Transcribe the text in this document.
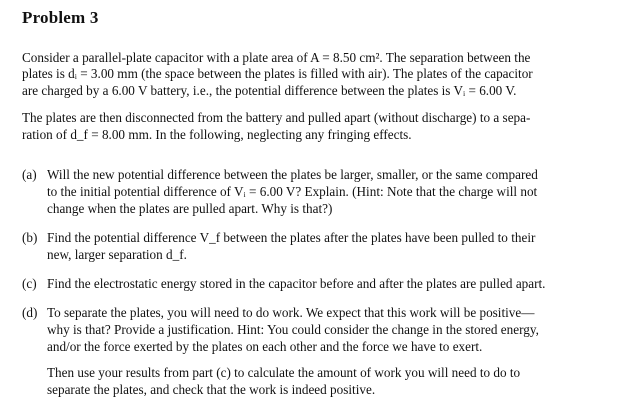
Problem 3
Consider a parallel-plate capacitor with a plate area of A = 8.50 cm². The separation between the
plates is dᵢ = 3.00 mm (the space between the plates is filled with air). The plates of the capacitor
are charged by a 6.00 V battery, i.e., the potential difference between the plates is Vᵢ = 6.00 V.
The plates are then disconnected from the battery and pulled apart (without discharge) to a sepa-
ration of d_f = 8.00 mm. In the following, neglecting any fringing effects.
(a) Will the new potential difference between the plates be larger, smaller, or the same compared
to the initial potential difference of Vᵢ = 6.00 V? Explain. (Hint: Note that the charge will not
change when the plates are pulled apart. Why is that?)
(b) Find the potential difference V_f between the plates after the plates have been pulled to their
new, larger separation d_f.
(c) Find the electrostatic energy stored in the capacitor before and after the plates are pulled apart.
(d) To separate the plates, you will need to do work. We expect that this work will be positive—
why is that? Provide a justification. Hint: You could consider the change in the stored energy,
and/or the force exerted by the plates on each other and the force we have to exert.
Then use your results from part (c) to calculate the amount of work you will need to do to
separate the plates, and check that the work is indeed positive.
